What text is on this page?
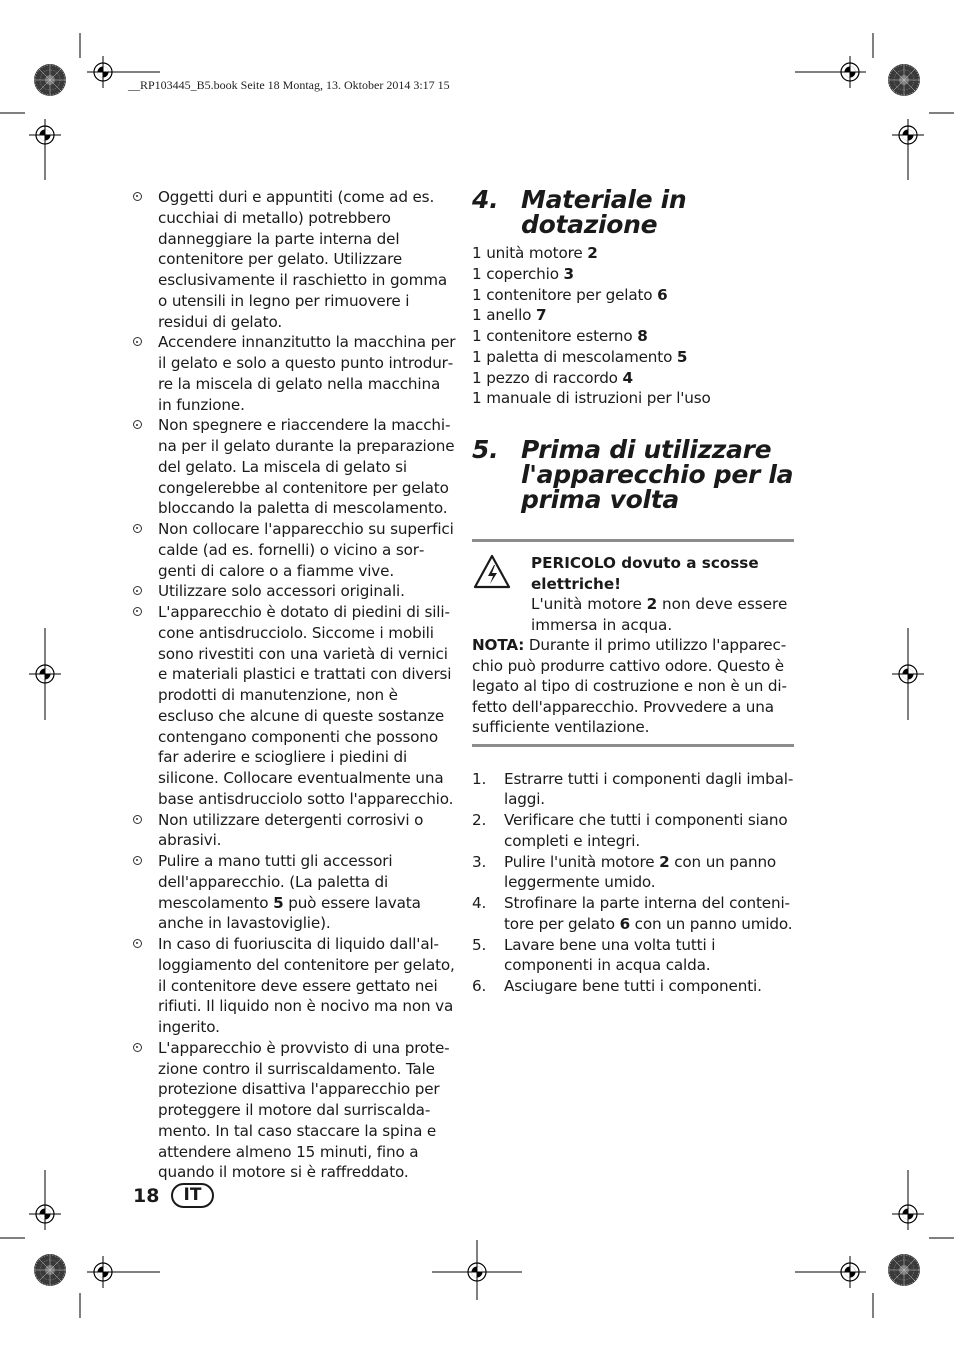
__RP103445_B5.book Seite 18 Montag, 13. Oktober 2014 3:17 15
Oggetti duri e appuntiti (come ad es. cucchiai di metallo) potrebbero danneggiare la parte interna del contenitore per gelato. Utilizzare esclusivamente il raschietto in gomma o utensili in legno per rimuovere i residui di gelato.
Accendere innanzitutto la macchina per il gelato e solo a questo punto introdurre la miscela di gelato nella macchina in funzione.
Non spegnere e riaccendere la macchina per il gelato durante la preparazione del gelato. La miscela di gelato si congelerebbe al contenitore per gelato bloccando la paletta di mescolamento.
Non collocare l'apparecchio su superfici calde (ad es. fornelli) o vicino a sorgenti di calore o a fiamme vive.
Utilizzare solo accessori originali.
L'apparecchio è dotato di piedini di silicone antisdrucciolo. Siccome i mobili sono rivestiti con una varietà di vernici e materiali plastici e trattati con diversi prodotti di manutenzione, non è escluso che alcune di queste sostanze contengano componenti che possono far aderire e sciogliere i piedini di silicone. Collocare eventualmente una base antisdrucciolo sotto l'apparecchio.
Non utilizzare detergenti corrosivi o abrasivi.
Pulire a mano tutti gli accessori dell'apparecchio. (La paletta di mescolamento 5 può essere lavata anche in lavastoviglie).
In caso di fuoriuscita di liquido dall'alloggiamento del contenitore per gelato, il contenitore deve essere gettato nei rifiuti. Il liquido non è nocivo ma non va ingerito.
L'apparecchio è provvisto di una protezione contro il surriscaldamento. Tale protezione disattiva l'apparecchio per proteggere il motore dal surriscaldamento. In tal caso staccare la spina e attendere almeno 15 minuti, fino a quando il motore si è raffreddato.
4. Materiale in dotazione
1 unità motore 2
1 coperchio 3
1 contenitore per gelato 6
1 anello 7
1 contenitore esterno 8
1 paletta di mescolamento 5
1 pezzo di raccordo 4
1 manuale di istruzioni per l'uso
5. Prima di utilizzare
l'apparecchio per la
prima volta
PERICOLO dovuto a scosse
elettriche!
L'unità motore 2 non deve essere
immersa in acqua.
NOTA: Durante il primo utilizzo l'apparecchio può produrre cattivo odore. Questo è legato al tipo di costruzione e non è un difetto dell'apparecchio. Provvedere a una sufficiente ventilazione.
1.	Estrarre tutti i componenti dagli imballaggi.
2.	Verificare che tutti i componenti siano completi e integri.
3.	Pulire l'unità motore 2 con un panno leggermente umido.
4.	Strofinare la parte interna del contenitore per gelato 6 con un panno umido.
5.	Lavare bene una volta tutti i componenti in acqua calda.
6.	Asciugare bene tutti i componenti.
18	IT
